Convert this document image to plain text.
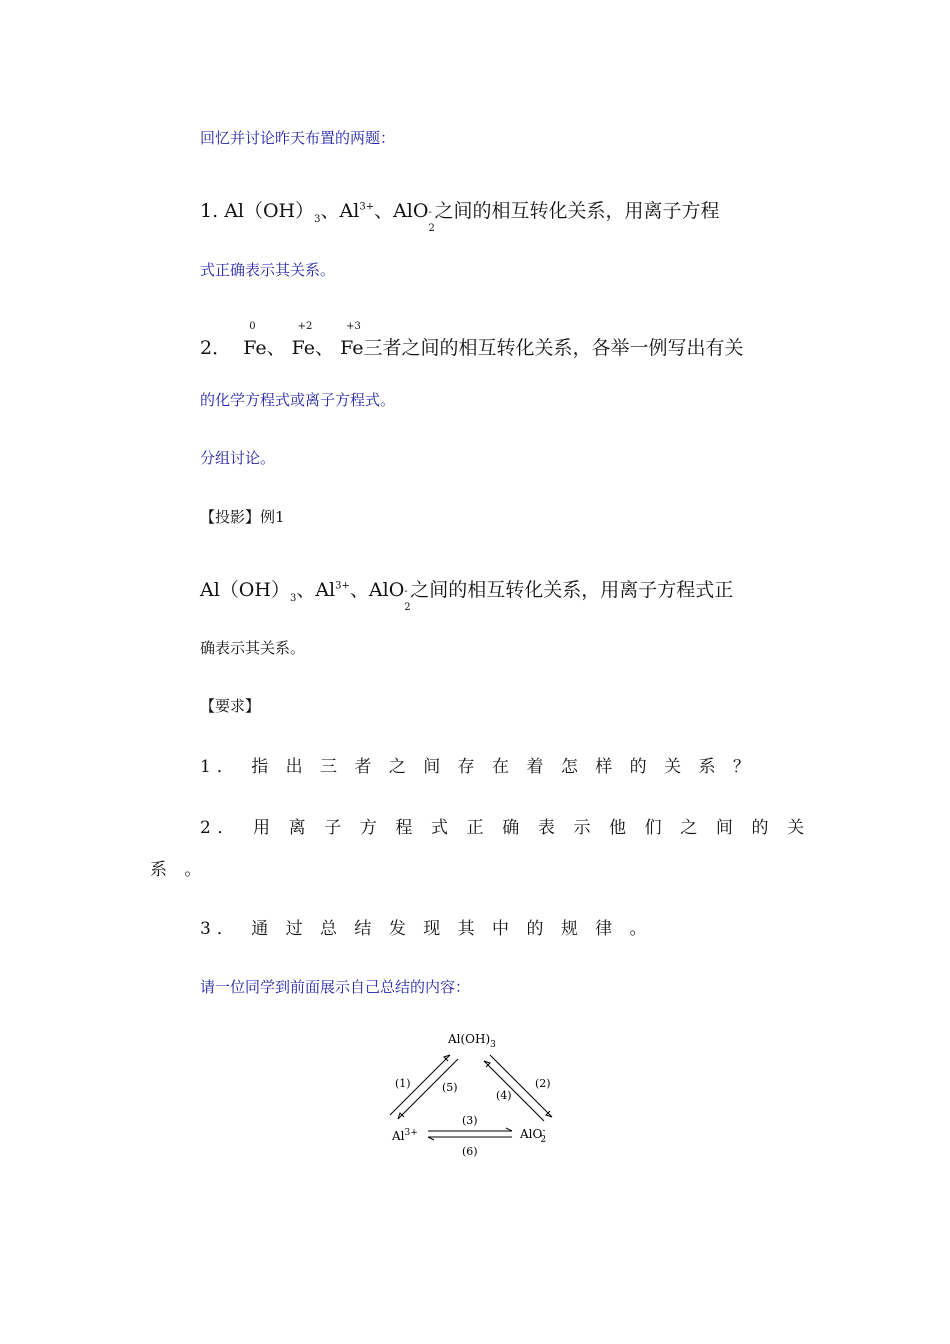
回忆并讨论昨天布置的两题：
1. $Al(OH)_3$、$Al^{3+}$、AlO -
2
之间的相互转化关系，用离子方程
式正确表示其关系。
2．
0
Fe、
+2
Fe、
+3
Fe三者之间的相互转化关系，各举一例写出有关
的化学方程式或离子方程式。
分组讨论。
【投影】例1
$Al(OH)_3$、$Al^{3+}$、AlO -
2
之间的相互转化关系，用离子方程式正
确表示其关系。
【要求】
1． 指 出 三 者 之 间 存 在 着 怎 样 的 关 系 ？
2． 用 离 子 方 程 式 正 确 表 示 他 们 之 间 的 关
系 。
3． 通 过 总 结 发 现 其 中 的 规 律 。
请一位同学到前面展示自己总结的内容：
$Al(OH)_3$
$Al^{3+}$	AlO-2
(1)	(5)
(4)
(2)
(3)
(6)
